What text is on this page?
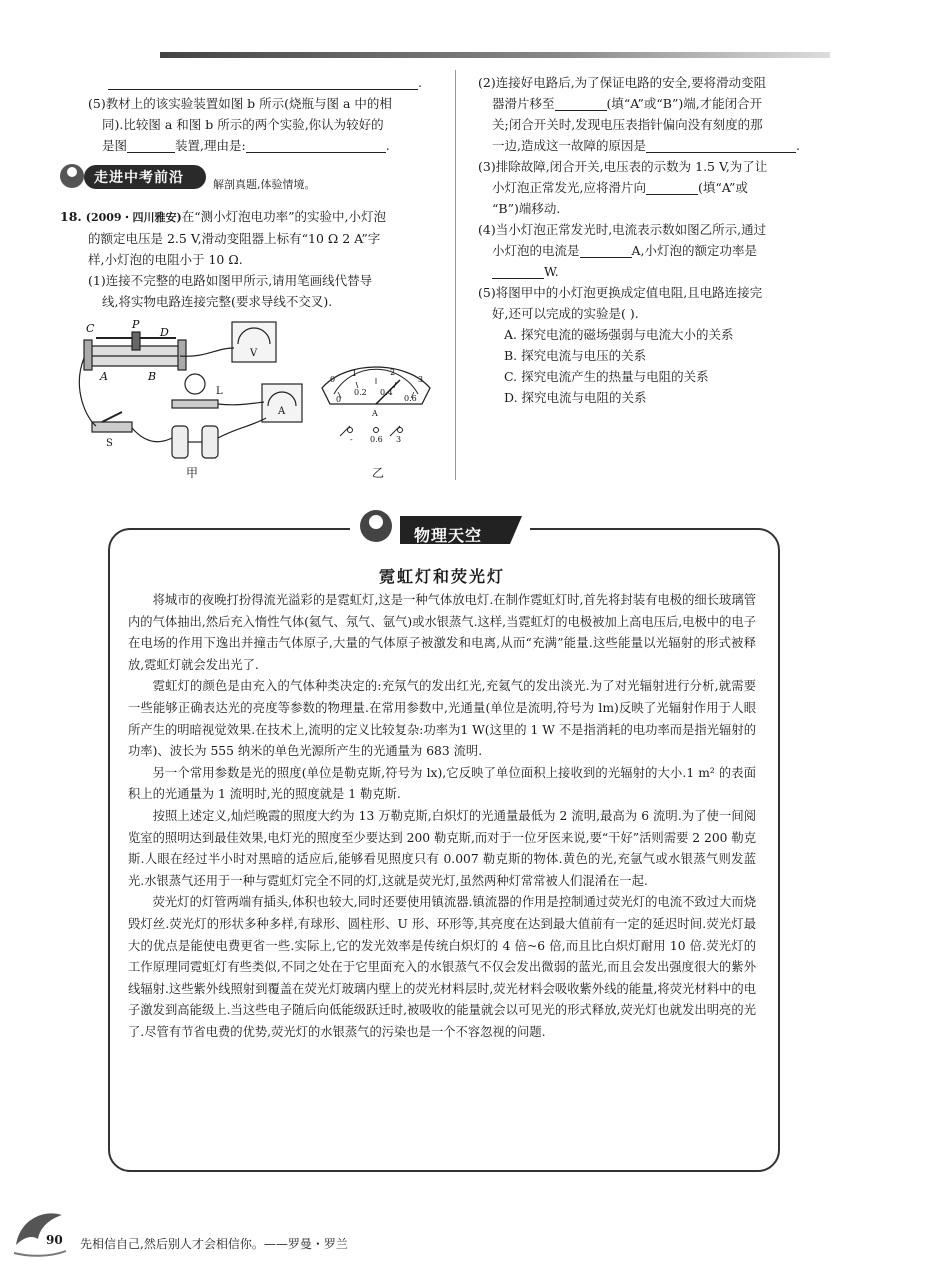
.
(5)教材上的该实验装置如图 b 所示(烧瓶与图 a 中的相
同).比较图 a 和图 b 所示的两个实验,你认为较好的
是图	装置,理由是:	.
走进中考前沿	解剖真题,体验情境。
18. (2009・四川雅安)在“测小灯泡电功率”的实验中,小灯泡
的额定电压是 2.5 V,滑动变阻器上标有“10 Ω 2 A”字
样,小灯泡的电阻小于 10 Ω.
(1)连接不完整的电路如图甲所示,请用笔画线代替导
线,将实物电路连接完整(要求导线不交叉).
C	P
D
A	B
L
S
V
A
甲
0
1	2
3
0
0.2 0.4
0.6
A
- 0.6 3
乙
(2)连接好电路后,为了保证电路的安全,要将滑动变阻
器滑片移至	(填“A”或“B”)端,才能闭合开
关;闭合开关时,发现电压表指针偏向没有刻度的那
一边,造成这一故障的原因是	.
(3)排除故障,闭合开关,电压表的示数为 1.5 V,为了让
小灯泡正常发光,应将滑片向	(填“A”或
“B”)端移动.
(4)当小灯泡正常发光时,电流表示数如图乙所示,通过
小灯泡的电流是	A,小灯泡的额定功率是
W.
(5)将图甲中的小灯泡更换成定值电阻,且电路连接完
好,还可以完成的实验是( ).
A. 探究电流的磁场强弱与电流大小的关系
B. 探究电流与电压的关系
C. 探究电流产生的热量与电阻的关系
D. 探究电流与电阻的关系
物理天空
霓虹灯和荧光灯

将城市的夜晚打扮得流光溢彩的是霓虹灯,这是一种气体放电灯.在制作霓虹灯时,首先将封装有电极的细长玻璃管内的气体抽出,然后充入惰性气体(氦气、氖气、氩气)或水银蒸气.这样,当霓虹灯的电极被加上高电压后,电极中的电子在电场的作用下逸出并撞击气体原子,大量的气体原子被激发和电离,从而“充满”能量.这些能量以光辐射的形式被释放,霓虹灯就会发出光了.

霓虹灯的颜色是由充入的气体种类决定的:充氖气的发出红光,充氦气的发出淡光.为了对光辐射进行分析,就需要一些能够正确表达光的亮度等参数的物理量.在常用参数中,光通量(单位是流明,符号为 lm)反映了光辐射作用于人眼所产生的明暗视觉效果.在技术上,流明的定义比较复杂:功率为1 W(这里的 1 W 不是指消耗的电功率而是指光辐射的功率)、波长为 555 纳米的单色光源所产生的光通量为 683 流明.

另一个常用参数是光的照度(单位是勒克斯,符号为 lx),它反映了单位面积上接收到的光辐射的大小.1 m² 的表面积上的光通量为 1 流明时,光的照度就是 1 勒克斯.

按照上述定义,灿烂晚霞的照度大约为 13 万勒克斯,白炽灯的光通量最低为 2 流明,最高为 6 流明.为了使一间阅览室的照明达到最佳效果,电灯光的照度至少要达到 200 勒克斯,而对于一位牙医来说,要“干好”活则需要 2 200 勒克斯.人眼在经过半小时对黑暗的适应后,能够看见照度只有 0.007 勒克斯的物体.黄色的光,充氩气或水银蒸气则发蓝光.水银蒸气还用于一种与霓虹灯完全不同的灯,这就是荧光灯,虽然两种灯常常被人们混淆在一起.

荧光灯的灯管两端有插头,体积也较大,同时还要使用镇流器.镇流器的作用是控制通过荧光灯的电流不致过大而烧毁灯丝.荧光灯的形状多种多样,有球形、圆柱形、U 形、环形等,其亮度在达到最大值前有一定的延迟时间.荧光灯最大的优点是能使电费更省一些.实际上,它的发光效率是传统白炽灯的 4 倍~6 倍,而且比白炽灯耐用 10 倍.荧光灯的工作原理同霓虹灯有些类似,不同之处在于它里面充入的水银蒸气不仅会发出微弱的蓝光,而且会发出强度很大的紫外线辐射.这些紫外线照射到覆盖在荧光灯玻璃内壁上的荧光材料层时,荧光材料会吸收紫外线的能量,将荧光材料中的电子激发到高能级上.当这些电子随后向低能级跃迁时,被吸收的能量就会以可见光的形式释放,荧光灯也就发出明亮的光了.尽管有节省电费的优势,荧光灯的水银蒸气的污染也是一个不容忽视的问题.

90 先相信自己,然后别人才会相信你。——罗曼・罗兰
